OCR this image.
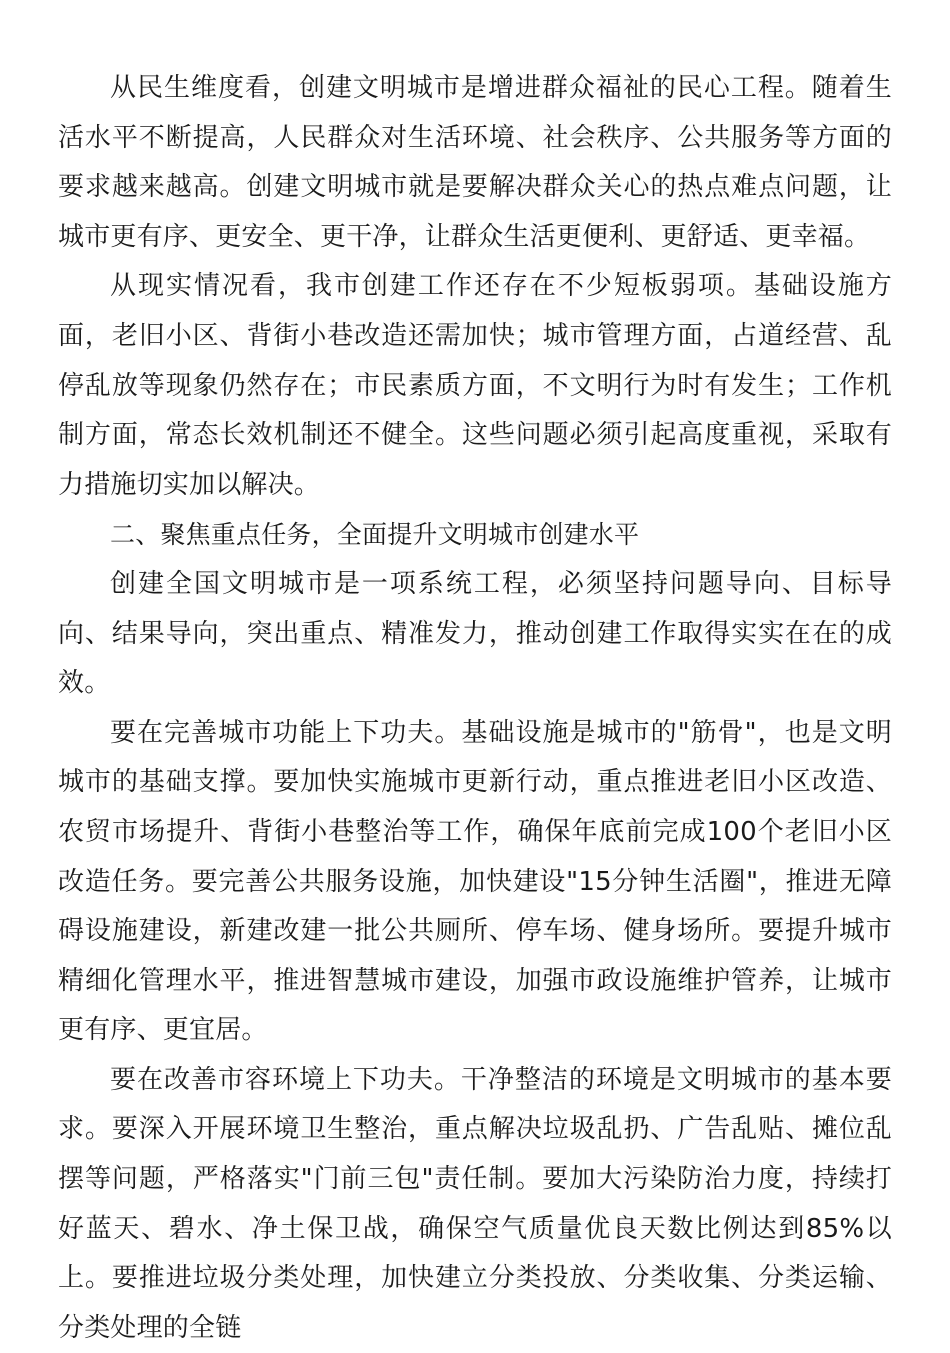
从民生维度看，创建文明城市是增进群众福祉的民心工程。随着生活水平不断提高，人民群众对生活环境、社会秩序、公共服务等方面的要求越来越高。创建文明城市就是要解决群众关心的热点难点问题，让城市更有序、更安全、更干净，让群众生活更便利、更舒适、更幸福。

从现实情况看，我市创建工作还存在不少短板弱项。基础设施方面，老旧小区、背街小巷改造还需加快；城市管理方面，占道经营、乱停乱放等现象仍然存在；市民素质方面，不文明行为时有发生；工作机制方面，常态长效机制还不健全。这些问题必须引起高度重视，采取有力措施切实加以解决。

二、聚焦重点任务，全面提升文明城市创建水平

创建全国文明城市是一项系统工程，必须坚持问题导向、目标导向、结果导向，突出重点、精准发力，推动创建工作取得实实在在的成效。

要在完善城市功能上下功夫。基础设施是城市的"筋骨"，也是文明城市的基础支撑。要加快实施城市更新行动，重点推进老旧小区改造、农贸市场提升、背街小巷整治等工作，确保年底前完成100个老旧小区改造任务。要完善公共服务设施，加快建设"15分钟生活圈"，推进无障碍设施建设，新建改建一批公共厕所、停车场、健身场所。要提升城市精细化管理水平，推进智慧城市建设，加强市政设施维护管养，让城市更有序、更宜居。

要在改善市容环境上下功夫。干净整洁的环境是文明城市的基本要求。要深入开展环境卫生整治，重点解决垃圾乱扔、广告乱贴、摊位乱摆等问题，严格落实"门前三包"责任制。要加大污染防治力度，持续打好蓝天、碧水、净土保卫战，确保空气质量优良天数比例达到85%以上。要推进垃圾分类处理，加快建立分类投放、分类收集、分类运输、分类处理的全链
